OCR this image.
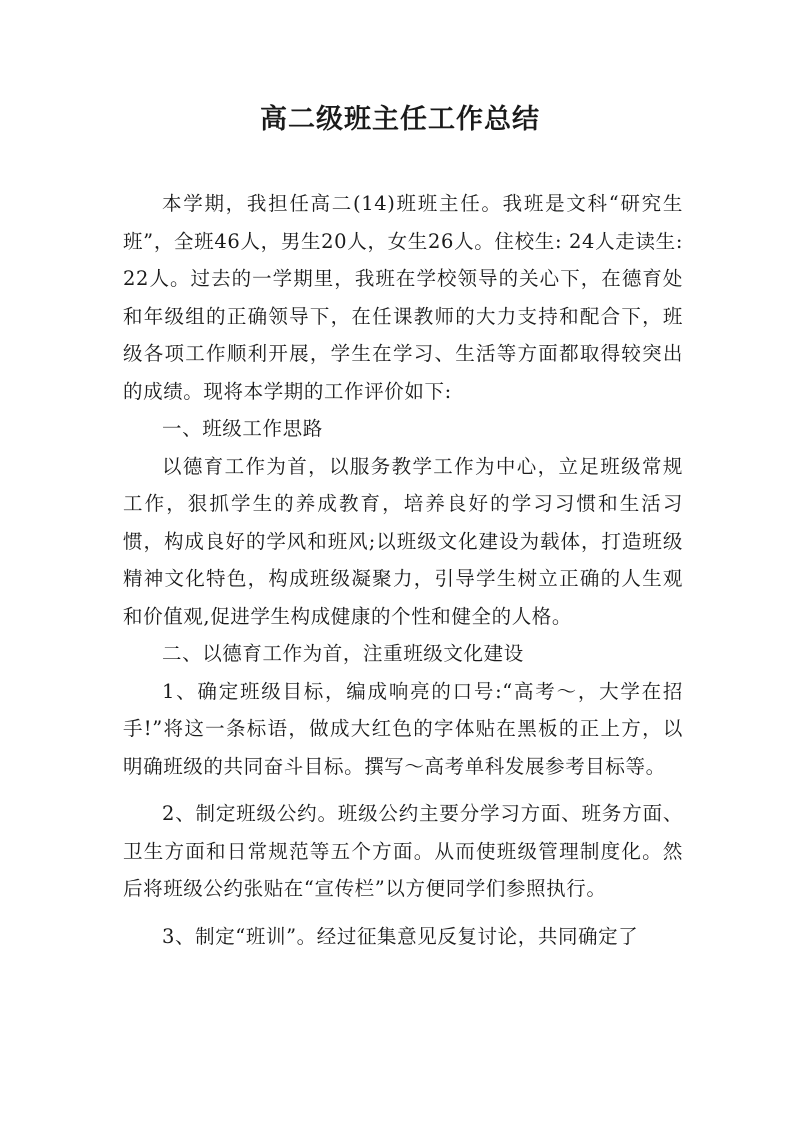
高二级班主任工作总结

本学期，我担任高二(14)班班主任。我班是文科“研究生班”，全班46人，男生20人，女生26人。住校生: 24人走读生: 22人。过去的一学期里，我班在学校领导的关心下，在德育处和年级组的正确领导下，在任课教师的大力支持和配合下，班级各项工作顺利开展，学生在学习、生活等方面都取得较突出的成绩。现将本学期的工作评价如下:

一、班级工作思路

以德育工作为首，以服务教学工作为中心，立足班级常规工作，狠抓学生的养成教育，培养良好的学习习惯和生活习惯，构成良好的学风和班风;以班级文化建设为载体，打造班级精神文化特色，构成班级凝聚力，引导学生树立正确的人生观和价值观,促进学生构成健康的个性和健全的人格。

二、以德育工作为首，注重班级文化建设

1、确定班级目标，编成响亮的口号:“高考～，大学在招手!”将这一条标语，做成大红色的字体贴在黑板的正上方，以明确班级的共同奋斗目标。撰写～高考单科发展参考目标等。

2、制定班级公约。班级公约主要分学习方面、班务方面、卫生方面和日常规范等五个方面。从而使班级管理制度化。然后将班级公约张贴在“宣传栏”以方便同学们参照执行。

3、制定“班训”。经过征集意见反复讨论，共同确定了
